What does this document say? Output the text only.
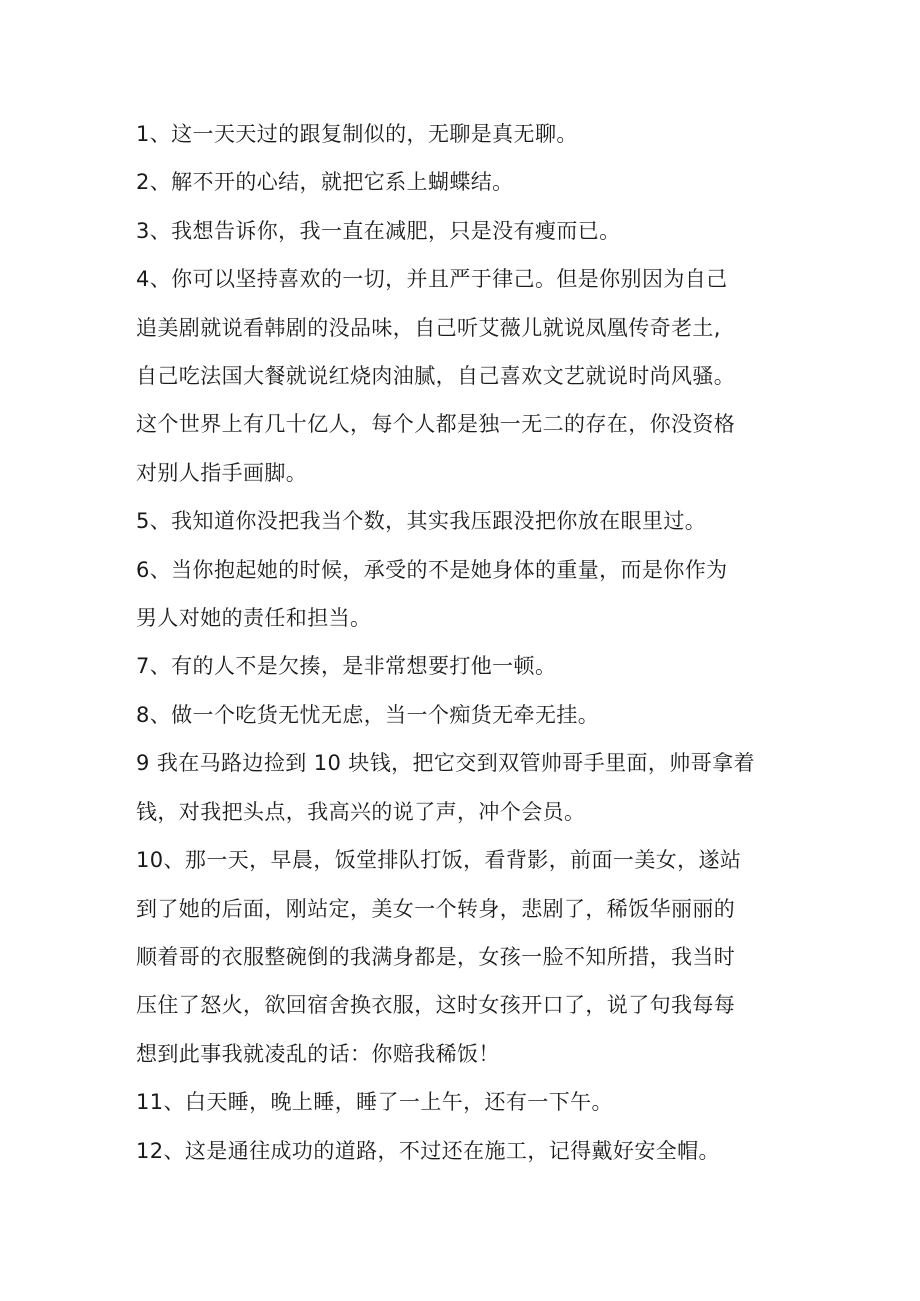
1、这一天天过的跟复制似的，无聊是真无聊。

2、解不开的心结，就把它系上蝴蝶结。

3、我想告诉你，我一直在减肥，只是没有瘦而已。

4、你可以坚持喜欢的一切，并且严于律己。但是你别因为自己
追美剧就说看韩剧的没品味，自己听艾薇儿就说凤凰传奇老土,
自己吃法国大餐就说红烧肉油腻，自己喜欢文艺就说时尚风骚。
这个世界上有几十亿人，每个人都是独一无二的存在，你没资格
对别人指手画脚。

5、我知道你没把我当个数，其实我压跟没把你放在眼里过。

6、当你抱起她的时候，承受的不是她身体的重量，而是你作为
男人对她的责任和担当。

7、有的人不是欠揍，是非常想要打他一顿。

8、做一个吃货无忧无虑，当一个痴货无牵无挂。

9 我在马路边捡到 10 块钱，把它交到双管帅哥手里面，帅哥拿着
钱，对我把头点，我高兴的说了声，冲个会员。

10、那一天，早晨，饭堂排队打饭，看背影，前面一美女，遂站
到了她的后面，刚站定，美女一个转身，悲剧了，稀饭华丽丽的
顺着哥的衣服整碗倒的我满身都是，女孩一脸不知所措，我当时
压住了怒火，欲回宿舍换衣服，这时女孩开口了，说了句我每每
想到此事我就凌乱的话：你赔我稀饭！

11、白天睡，晚上睡，睡了一上午，还有一下午。

12、这是通往成功的道路，不过还在施工，记得戴好安全帽。
